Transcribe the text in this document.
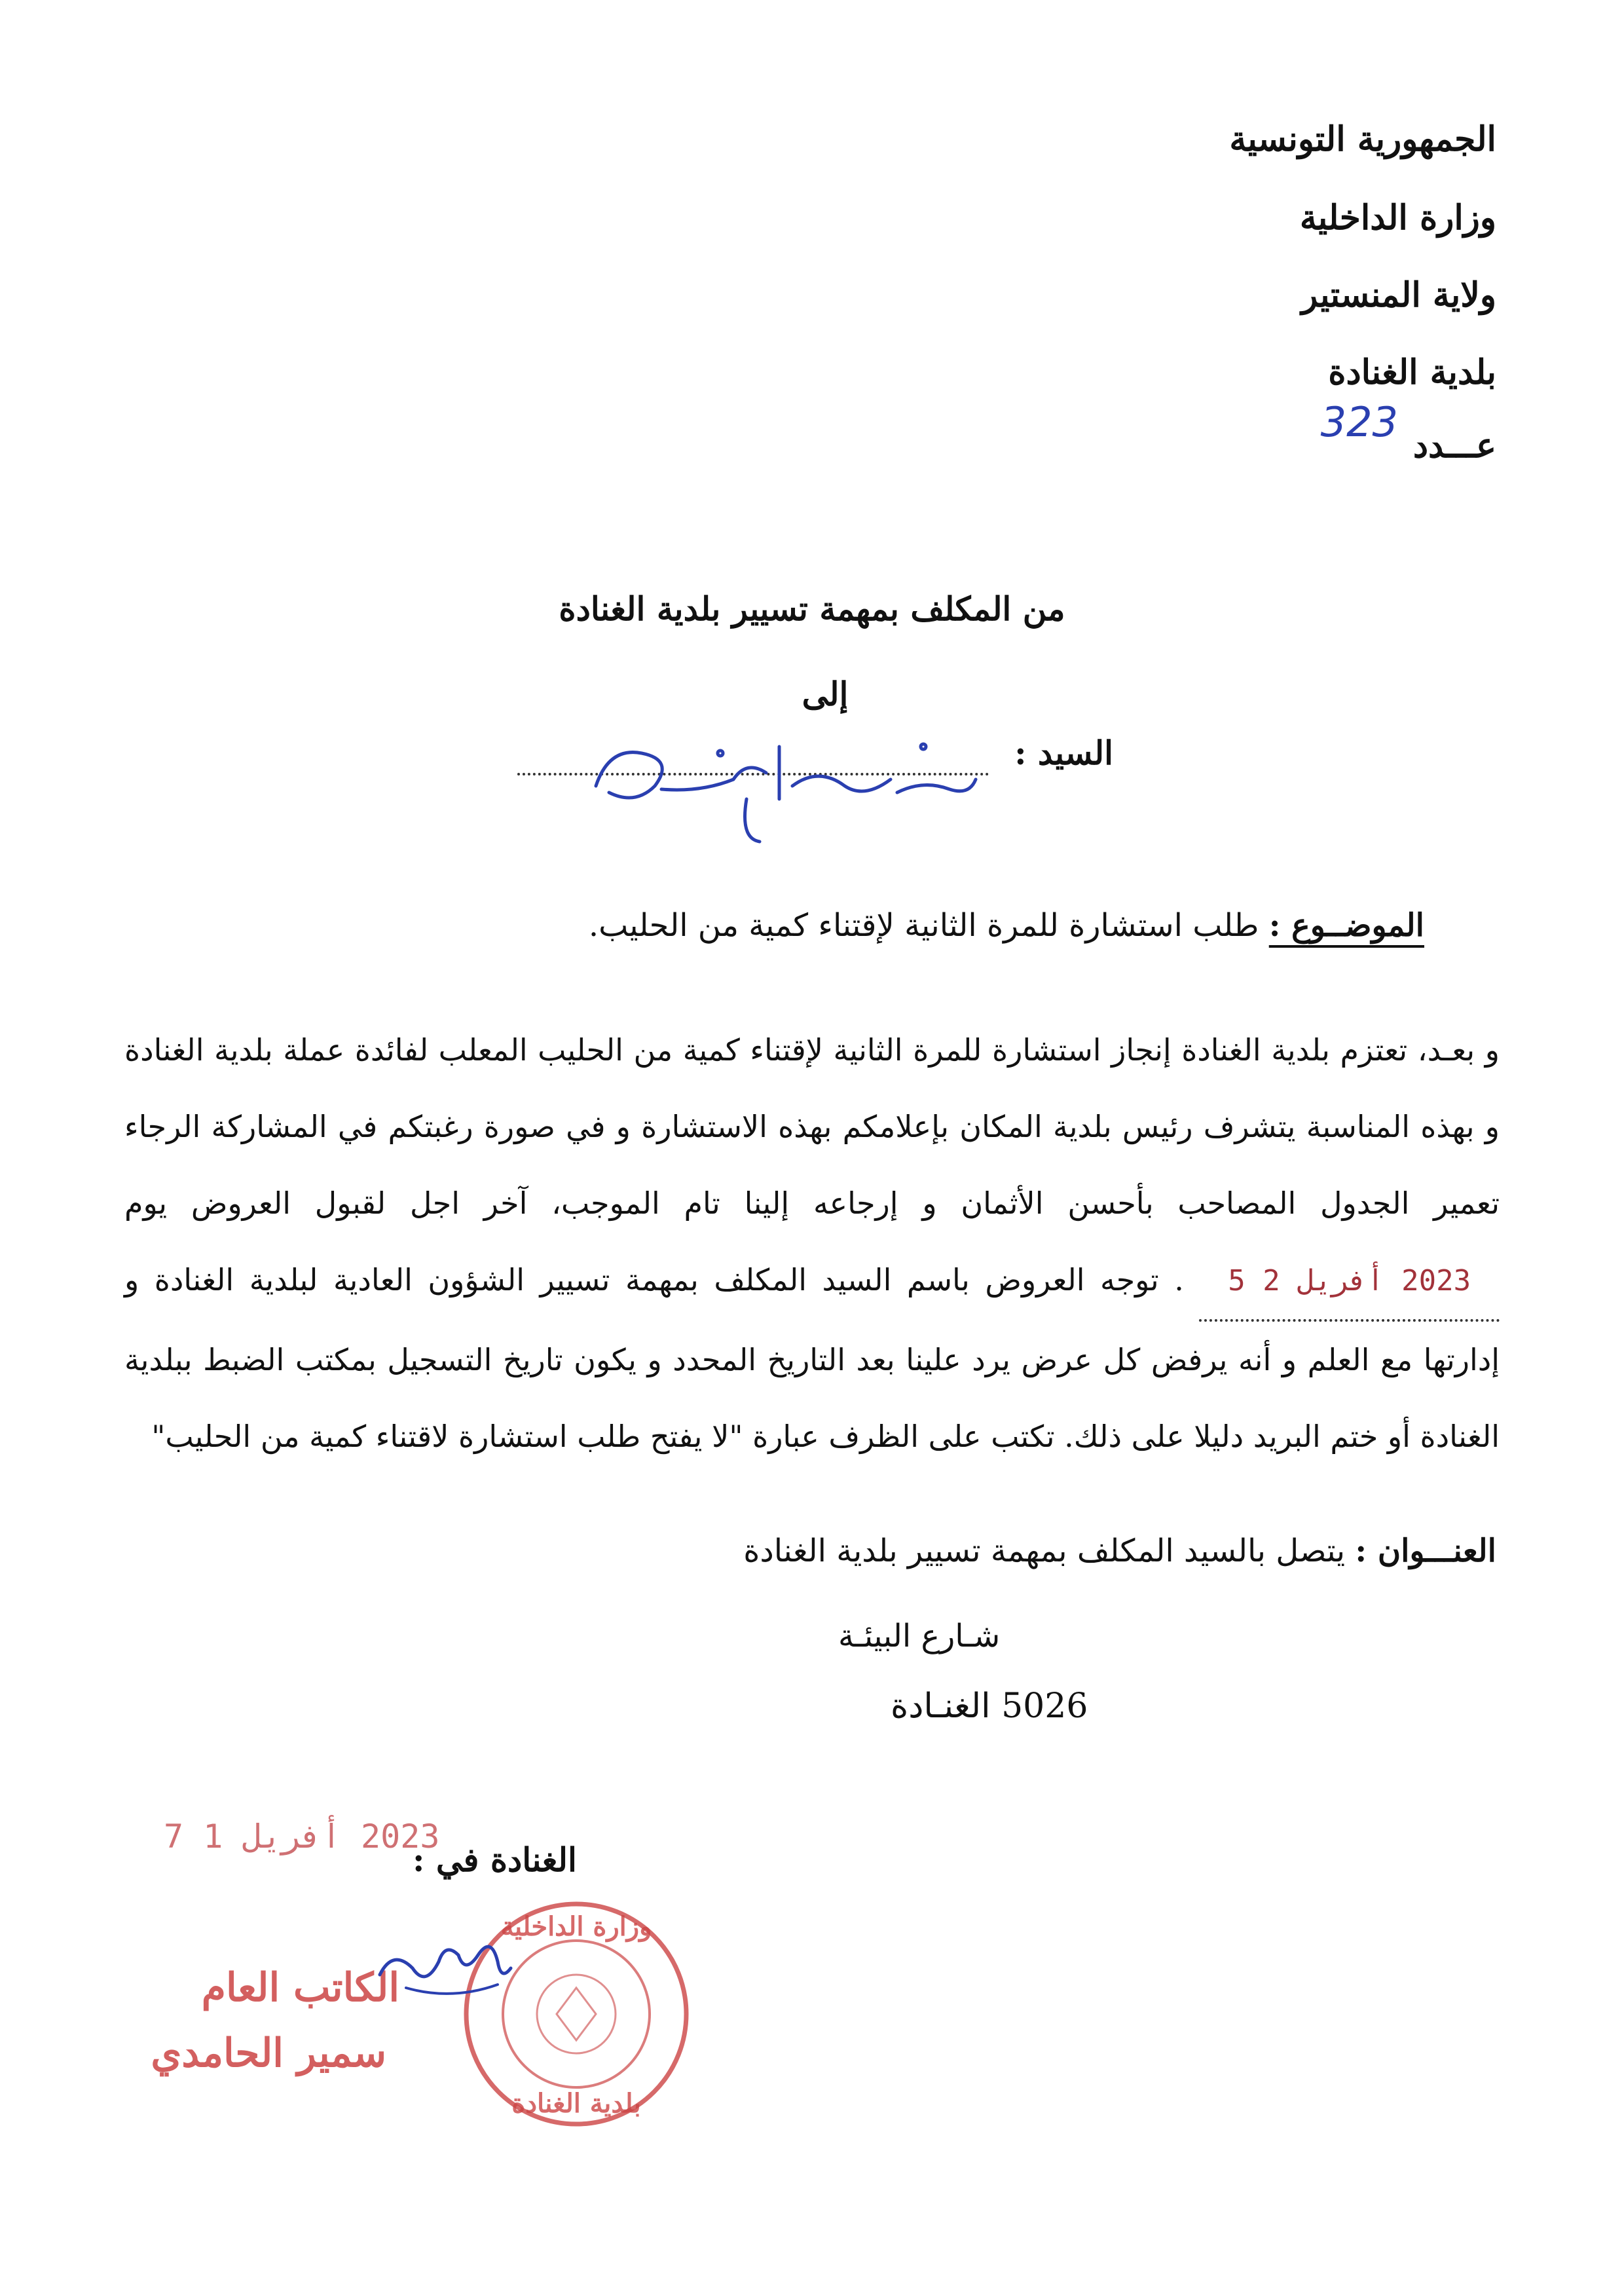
الجمهورية التونسية
وزارة الداخلية
ولاية المنستير
بلدية الغنادة
عـــدد
323
من المكلف بمهمة تسيير بلدية الغنادة
إلى
السيد :
موقع الواب
الموضــوع : طلب استشارة للمرة الثانية لإقتناء كمية من الحليب.
و بعـد، تعتزم بلدية الغنادة إنجاز استشارة للمرة الثانية لإقتناء كمية من الحليب المعلب لفائدة عملة بلدية الغنادة و بهذه المناسبة يتشرف رئيس بلدية المكان بإعلامكم بهذه الاستشارة و في صورة رغبتكم في المشاركة الرجاء تعمير الجدول المصاحب بأحسن الأثمان و إرجاعه إلينا تام الموجب، آخر اجل لقبول العروض يوم    2023 أفريل 2 5    . توجه العروض باسم السيد المكلف بمهمة تسيير الشؤون العادية لبلدية الغنادة و إدارتها مع العلم و أنه يرفض كل عرض يرد علينا بعد التاريخ المحدد و يكون تاريخ التسجيل بمكتب الضبط ببلدية الغنادة أو ختم البريد دليلا على ذلك. تكتب على الظرف عبارة "لا يفتح طلب استشارة لاقتناء كمية من الحليب"
العنـــوان : يتصل بالسيد المكلف بمهمة تسيير بلدية الغنادة
شـارع البيئـة
5026 الغنـادة
الغنادة في :
2023 أفريل 1 7
الكاتب العام
سمير الحامدي
وزارة الداخلية
بلدية الغنادة
